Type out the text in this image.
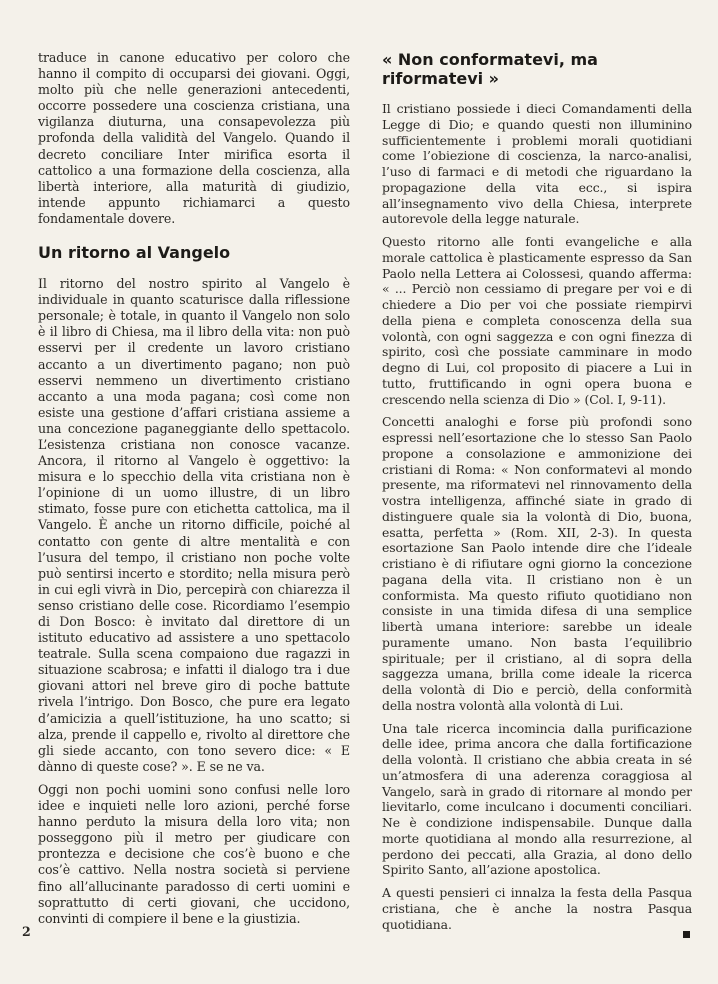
traduce in canone educativo per coloro che hanno il compito di occuparsi dei giovani. Oggi, molto più che nelle generazioni antecedenti, occorre possedere una coscienza cristiana, una vigilanza diuturna, una consapevolezza più profonda della validità del Vangelo. Quando il decreto conciliare Inter mirifica esorta il cattolico a una formazione della coscienza, alla libertà interiore, alla maturità di giudizio, intende appunto richiamarci a questo fondamentale dovere.

Un ritorno al Vangelo

Il ritorno del nostro spirito al Vangelo è individuale in quanto scaturisce dalla riflessione personale; è totale, in quanto il Vangelo non solo è il libro di Chiesa, ma il libro della vita: non può esservi per il credente un lavoro cristiano accanto a un divertimento pagano; non può esservi nemmeno un divertimento cristiano accanto a una moda pagana; così come non esiste una gestione d’affari cristiana assieme a una concezione paganeggiante dello spettacolo. L’esistenza cristiana non conosce vacanze. Ancora, il ritorno al Vangelo è oggettivo: la misura e lo specchio della vita cristiana non è l’opinione di un uomo illustre, di un libro stimato, fosse pure con etichetta cattolica, ma il Vangelo. È anche un ritorno difficile, poiché al contatto con gente di altre mentalità e con l’usura del tempo, il cristiano non poche volte può sentirsi incerto e stordito; nella misura però in cui egli vivrà in Dio, percepirà con chiarezza il senso cristiano delle cose. Ricordiamo l’esempio di Don Bosco: è invitato dal direttore di un istituto educativo ad assistere a uno spettacolo teatrale. Sulla scena compaiono due ragazzi in situazione scabrosa; e infatti il dialogo tra i due giovani attori nel breve giro di poche battute rivela l’intrigo. Don Bosco, che pure era legato d’amicizia a quell’istituzione, ha uno scatto; si alza, prende il cappello e, rivolto al direttore che gli siede accanto, con tono severo dice: « E dànno di queste cose? ». E se ne va.

Oggi non pochi uomini sono confusi nelle loro idee e inquieti nelle loro azioni, perché forse hanno perduto la misura della loro vita; non posseggono più il metro per giudicare con prontezza e decisione che cos’è buono e che cos’è cattivo. Nella nostra società si perviene fino all’allucinante paradosso di certi uomini e soprattutto di certi giovani, che uccidono, convinti di compiere il bene e la giustizia.

« Non conformatevi, ma riformatevi »

Il cristiano possiede i dieci Comandamenti della Legge di Dio; e quando questi non illuminino sufficientemente i problemi morali quotidiani come l’obiezione di coscienza, la narco-analisi, l’uso di farmaci e di metodi che riguardano la propagazione della vita ecc., si ispira all’insegnamento vivo della Chiesa, interprete autorevole della legge naturale.

Questo ritorno alle fonti evangeliche e alla morale cattolica è plasticamente espresso da San Paolo nella Lettera ai Colossesi, quando afferma: « ... Perciò non cessiamo di pregare per voi e di chiedere a Dio per voi che possiate riempirvi della piena e completa conoscenza della sua volontà, con ogni saggezza e con ogni finezza di spirito, così che possiate camminare in modo degno di Lui, col proposito di piacere a Lui in tutto, fruttificando in ogni opera buona e crescendo nella scienza di Dio » (Col. I, 9-11).

Concetti analoghi e forse più profondi sono espressi nell’esortazione che lo stesso San Paolo propone a consolazione e ammonizione dei cristiani di Roma: « Non conformatevi al mondo presente, ma riformatevi nel rinnovamento della vostra intelligenza, affinché siate in grado di distinguere quale sia la volontà di Dio, buona, esatta, perfetta » (Rom. XII, 2-3). In questa esortazione San Paolo intende dire che l’ideale cristiano è di rifiutare ogni giorno la concezione pagana della vita. Il cristiano non è un conformista. Ma questo rifiuto quotidiano non consiste in una timida difesa di una semplice libertà umana interiore: sarebbe un ideale puramente umano. Non basta l’equilibrio spirituale; per il cristiano, al di sopra della saggezza umana, brilla come ideale la ricerca della volontà di Dio e perciò, della conformità della nostra volontà alla volontà di Lui.

Una tale ricerca incomincia dalla purificazione delle idee, prima ancora che dalla fortificazione della volontà. Il cristiano che abbia creata in sé un’atmosfera di una aderenza coraggiosa al Vangelo, sarà in grado di ritornare al mondo per lievitarlo, come inculcano i documenti conciliari. Ne è condizione indispensabile. Dunque dalla morte quotidiana al mondo alla resurrezione, al perdono dei peccati, alla Grazia, al dono dello Spirito Santo, all’azione apostolica.

A questi pensieri ci innalza la festa della Pasqua cristiana, che è anche la nostra Pasqua quotidiana.

2
